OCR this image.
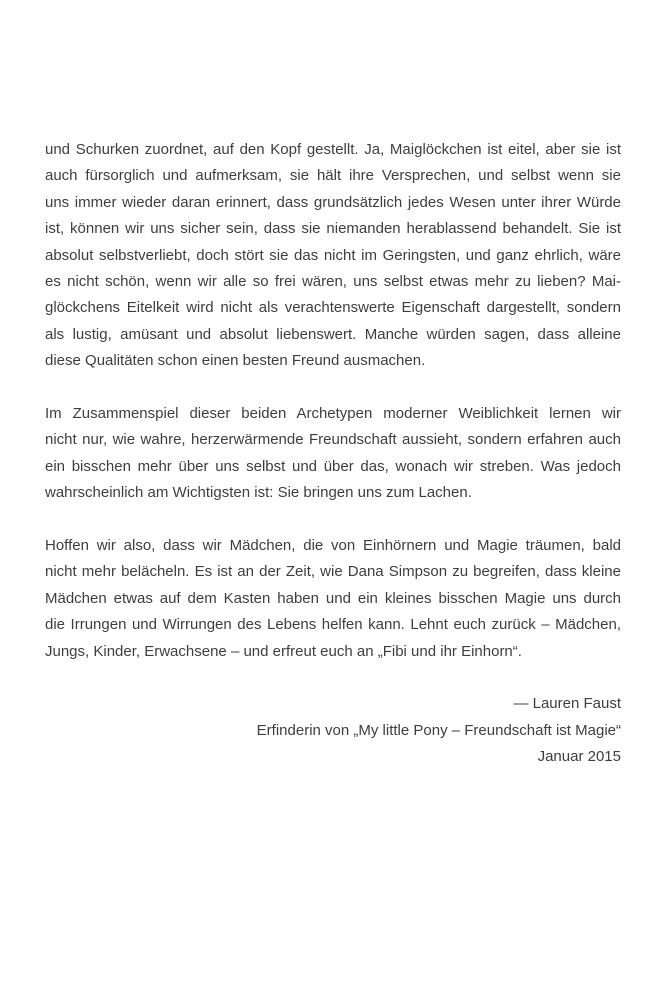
und Schurken zuordnet, auf den Kopf gestellt. Ja, Maiglöckchen ist eitel, aber sie ist
auch fürsorglich und aufmerksam, sie hält ihre Versprechen, und selbst wenn sie
uns immer wieder daran erinnert, dass grundsätzlich jedes Wesen unter ihrer Würde
ist, können wir uns sicher sein, dass sie niemanden herablassend behandelt. Sie ist
absolut selbstverliebt, doch stört sie das nicht im Geringsten, und ganz ehrlich, wäre
es nicht schön, wenn wir alle so frei wären, uns selbst etwas mehr zu lieben? Mai-
glöckchens Eitelkeit wird nicht als verachtenswerte Eigenschaft dargestellt, sondern
als lustig, amüsant und absolut liebenswert. Manche würden sagen, dass alleine
diese Qualitäten schon einen besten Freund ausmachen.
Im Zusammenspiel dieser beiden Archetypen moderner Weiblichkeit lernen wir
nicht nur, wie wahre, herzerwärmende Freundschaft aussieht, sondern erfahren auch
ein bisschen mehr über uns selbst und über das, wonach wir streben. Was jedoch
wahrscheinlich am Wichtigsten ist: Sie bringen uns zum Lachen.
Hoffen wir also, dass wir Mädchen, die von Einhörnern und Magie träumen, bald
nicht mehr belächeln. Es ist an der Zeit, wie Dana Simpson zu begreifen, dass kleine
Mädchen etwas auf dem Kasten haben und ein kleines bisschen Magie uns durch
die Irrungen und Wirrungen des Lebens helfen kann. Lehnt euch zurück – Mädchen,
Jungs, Kinder, Erwachsene – und erfreut euch an „Fibi und ihr Einhorn“.
— Lauren Faust
Erfinderin von „My little Pony – Freundschaft ist Magie“
Januar 2015
